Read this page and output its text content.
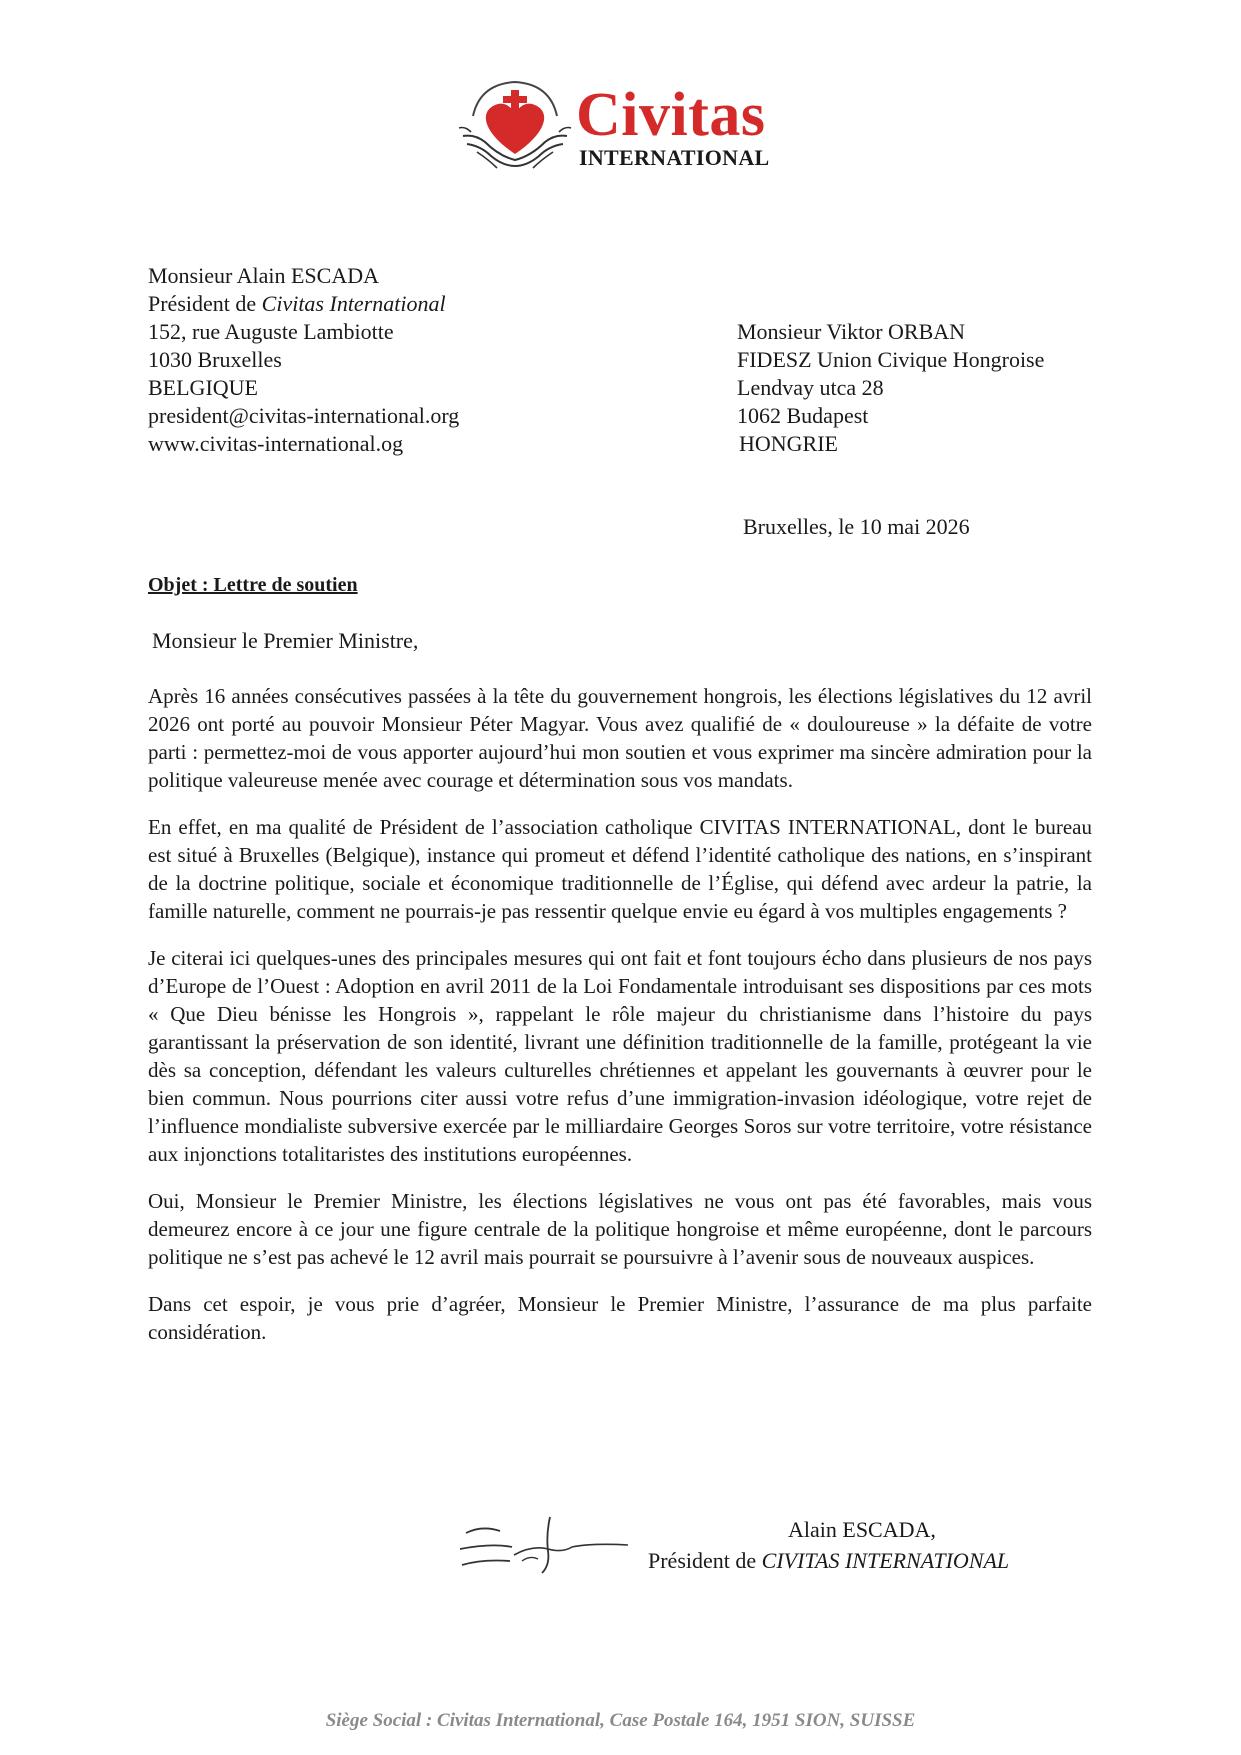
Civitas
INTERNATIONAL
Monsieur Alain ESCADA
Président de Civitas International
152, rue Auguste Lambiotte
1030 Bruxelles
BELGIQUE
president@civitas-international.org
www.civitas-international.og
Monsieur Viktor ORBAN
FIDESZ Union Civique Hongroise
Lendvay utca 28
1062 Budapest
HONGRIE
Bruxelles, le 10 mai 2026
Objet : Lettre de soutien
Monsieur le Premier Ministre,

Après 16 années consécutives passées à la tête du gouvernement hongrois, les élections législatives du 12 avril 2026 ont porté au pouvoir Monsieur Péter Magyar. Vous avez qualifié de « douloureuse » la défaite de votre parti : permettez-moi de vous apporter aujourd’hui mon soutien et vous exprimer ma sincère admiration pour la politique valeureuse menée avec courage et détermination sous vos mandats.

En effet, en ma qualité de Président de l’association catholique CIVITAS INTERNATIONAL, dont le bureau est situé à Bruxelles (Belgique), instance qui promeut et défend l’identité catholique des nations, en s’inspirant de la doctrine politique, sociale et économique traditionnelle de l’Église, qui défend avec ardeur la patrie, la famille naturelle, comment ne pourrais-je pas ressentir quelque envie eu égard à vos multiples engagements ?

Je citerai ici quelques-unes des principales mesures qui ont fait et font toujours écho dans plusieurs de nos pays d’Europe de l’Ouest : Adoption en avril 2011 de la Loi Fondamentale introduisant ses dispositions par ces mots « Que Dieu bénisse les Hongrois », rappelant le rôle majeur du christianisme dans l’histoire du pays garantissant la préservation de son identité, livrant une définition traditionnelle de la famille, protégeant la vie dès sa conception, défendant les valeurs culturelles chrétiennes et appelant les gouvernants à œuvrer pour le bien commun. Nous pourrions citer aussi votre refus d’une immigration-invasion idéologique, votre rejet de l’influence mondialiste subversive exercée par le milliardaire Georges Soros sur votre territoire, votre résistance aux injonctions totalitaristes des institutions européennes.

Oui, Monsieur le Premier Ministre, les élections législatives ne vous ont pas été favorables, mais vous demeurez encore à ce jour une figure centrale de la politique hongroise et même européenne, dont le parcours politique ne s’est pas achevé le 12 avril mais pourrait se poursuivre à l’avenir sous de nouveaux auspices.

Dans cet espoir, je vous prie d’agréer, Monsieur le Premier Ministre, l’assurance de ma plus parfaite considération.

Alain ESCADA,
Président de CIVITAS INTERNATIONAL
Siège Social : Civitas International, Case Postale 164, 1951 SION, SUISSE
